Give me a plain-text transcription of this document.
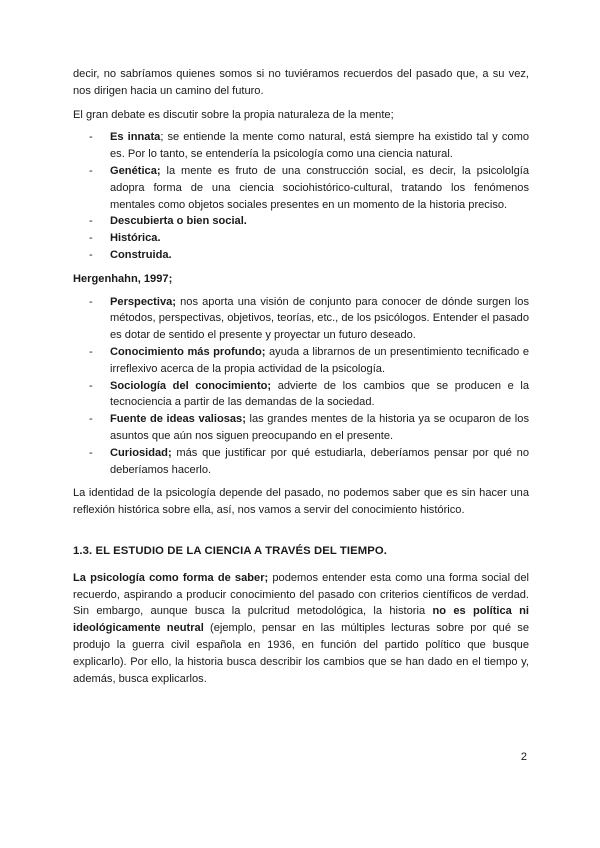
decir, no sabríamos quienes somos si no tuviéramos recuerdos del pasado que, a su vez, nos dirigen hacia un camino del futuro.

El gran debate es discutir sobre la propia naturaleza de la mente;

- Es innata; se entiende la mente como natural, está siempre ha existido tal y como es. Por lo tanto, se entendería la psicología como una ciencia natural.
- Genética; la mente es fruto de una construcción social, es decir, la psicololgía adopra forma de una ciencia sociohistórico-cultural, tratando los fenómenos mentales como objetos sociales presentes en un momento de la historia preciso.
- Descubierta o bien social.
- Histórica.
- Construida.

Hergenhahn, 1997;

- Perspectiva; nos aporta una visión de conjunto para conocer de dónde surgen los métodos, perspectivas, objetivos, teorías, etc., de los psicólogos. Entender el pasado es dotar de sentido el presente y proyectar un futuro deseado.
- Conocimiento más profundo; ayuda a librarnos de un presentimiento tecnificado e irreflexivo acerca de la propia actividad de la psicología.
- Sociología del conocimiento; advierte de los cambios que se producen e la tecnociencia a partir de las demandas de la sociedad.
- Fuente de ideas valiosas; las grandes mentes de la historia ya se ocuparon de los asuntos que aún nos siguen preocupando en el presente.
- Curiosidad; más que justificar por qué estudiarla, deberíamos pensar por qué no deberíamos hacerlo.

La identidad de la psicología depende del pasado, no podemos saber que es sin hacer una reflexión histórica sobre ella, así, nos vamos a servir del conocimiento histórico.

1.3. EL ESTUDIO DE LA CIENCIA A TRAVÉS DEL TIEMPO.

La psicología como forma de saber; podemos entender esta como una forma social del recuerdo, aspirando a producir conocimiento del pasado con criterios científicos de verdad. Sin embargo, aunque busca la pulcritud metodológica, la historia no es política ni ideológicamente neutral (ejemplo, pensar en las múltiples lecturas sobre por qué se produjo la guerra civil española en 1936, en función del partido político que busque explicarlo). Por ello, la historia busca describir los cambios que se han dado en el tiempo y, además, busca explicarlos.

2
